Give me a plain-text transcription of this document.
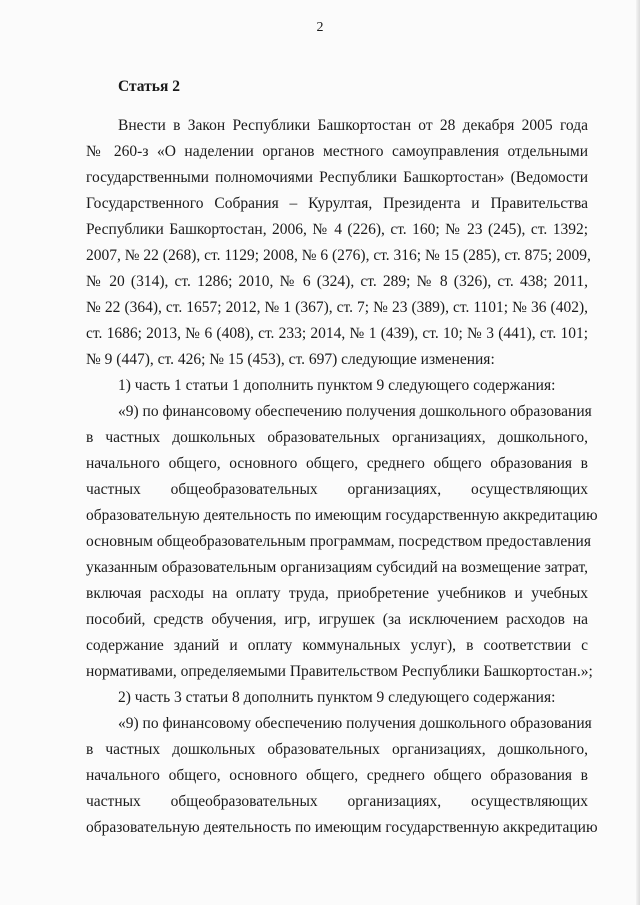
2
Статья 2
Внести в Закон Республики Башкортостан от 28 декабря 2005 года
№ 260-з «О наделении органов местного самоуправления отдельными
государственными полномочиями Республики Башкортостан» (Ведомости
Государственного Собрания – Курултая, Президента и Правительства
Республики Башкортостан, 2006, № 4 (226), ст. 160; № 23 (245), ст. 1392;
2007, № 22 (268), ст. 1129; 2008, № 6 (276), ст. 316; № 15 (285), ст. 875; 2009,
№ 20 (314), ст. 1286; 2010, № 6 (324), ст. 289; № 8 (326), ст. 438; 2011,
№ 22 (364), ст. 1657; 2012, № 1 (367), ст. 7; № 23 (389), ст. 1101; № 36 (402),
ст. 1686; 2013, № 6 (408), ст. 233; 2014, № 1 (439), ст. 10; № 3 (441), ст. 101;
№ 9 (447), ст. 426; № 15 (453), ст. 697) следующие изменения:
1) часть 1 статьи 1 дополнить пунктом 9 следующего содержания:
«9) по финансовому обеспечению получения дошкольного образования
в частных дошкольных образовательных организациях, дошкольного,
начального общего, основного общего, среднего общего образования в
частных общеобразовательных организациях, осуществляющих
образовательную деятельность по имеющим государственную аккредитацию
основным общеобразовательным программам, посредством предоставления
указанным образовательным организациям субсидий на возмещение затрат,
включая расходы на оплату труда, приобретение учебников и учебных
пособий, средств обучения, игр, игрушек (за исключением расходов на
содержание зданий и оплату коммунальных услуг), в соответствии с
нормативами, определяемыми Правительством Республики Башкортостан.»;
2) часть 3 статьи 8 дополнить пунктом 9 следующего содержания:
«9) по финансовому обеспечению получения дошкольного образования
в частных дошкольных образовательных организациях, дошкольного,
начального общего, основного общего, среднего общего образования в
частных общеобразовательных организациях, осуществляющих
образовательную деятельность по имеющим государственную аккредитацию
